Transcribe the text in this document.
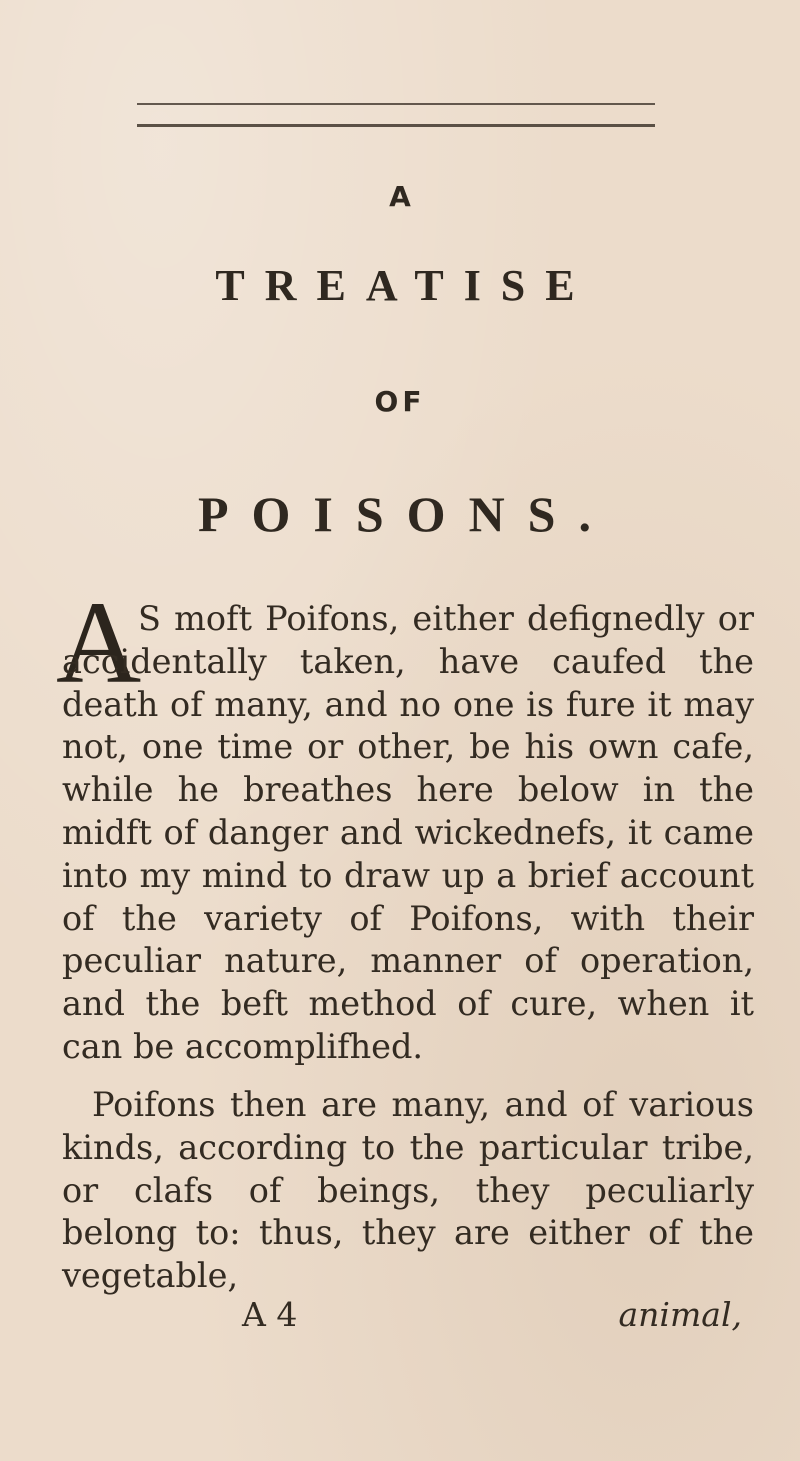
A
TREATISE
OF
POISONS.
A
S moft Poifons, either defignedly or accidentally taken, have caufed the death of many, and no one is fure it may not, one time or other, be his own cafe, while he breathes here below in the midft of danger and wickednefs, it came into my mind to draw up a brief account of the variety of Poifons, with their peculiar nature, manner of operation, and the beft method of cure, when it can be accomplifhed.
Poifons then are many, and of various kinds, according to the particular tribe, or clafs of beings, they peculiarly belong to: thus, they are either of the vegetable,
A 4	animal,
